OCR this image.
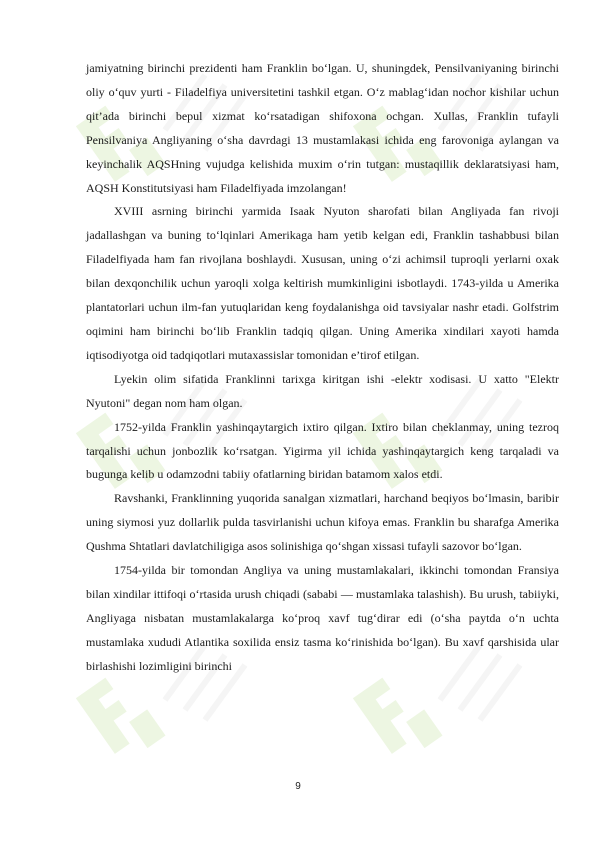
jamiyatning birinchi prezidenti ham Franklin bo‘lgan. U, shuningdek, Pensilvaniyaning birinchi oliy o‘quv yurti - Filadelfiya universitetini tashkil etgan. O‘z mablag‘idan nochor kishilar uchun qit’ada birinchi bepul xizmat ko‘rsatadigan shifoxona ochgan. Xullas, Franklin tufayli Pensilvaniya Angliyaning o‘sha davrdagi 13 mustamlakasi ichida eng farovoniga aylangan va keyinchalik AQSHning vujudga kelishida muxim o‘rin tutgan: mustaqillik deklaratsiyasi ham, AQSH Konstitutsiyasi ham Filadelfiyada imzolangan!

XVIII asrning birinchi yarmida Isaak Nyuton sharofati bilan Angliyada fan rivoji jadallashgan va buning to‘lqinlari Amerikaga ham yetib kelgan edi, Franklin tashabbusi bilan Filadelfiyada ham fan rivojlana boshlaydi. Xususan, uning o‘zi achimsil tuproqli yerlarni oxak bilan dexqonchilik uchun yaroqli xolga keltirish mumkinligini isbotlaydi. 1743-yilda u Amerika plantatorlari uchun ilm-fan yutuqlaridan keng foydalanishga oid tavsiyalar nashr etadi. Golfstrim oqimini ham birinchi bo‘lib Franklin tadqiq qilgan. Uning Amerika xindilari xayoti hamda iqtisodiyotga oid tadqiqotlari mutaxassislar tomonidan e’tirof etilgan.

Lyekin olim sifatida Franklinni tarixga kiritgan ishi -elektr xodisasi. U xatto "Elektr Nyutoni" degan nom ham olgan.

1752-yilda Franklin yashinqaytargich ixtiro qilgan. Ixtiro bilan cheklanmay, uning tezroq tarqalishi uchun jonbozlik ko‘rsatgan. Yigirma yil ichida yashinqaytargich keng tarqaladi va bugunga kelib u odamzodni tabiiy ofatlarning biridan batamom xalos etdi.

Ravshanki, Franklinning yuqorida sanalgan xizmatlari, harchand beqiyos bo‘lmasin, baribir uning siymosi yuz dollarlik pulda tasvirlanishi uchun kifoya emas. Franklin bu sharafga Amerika Qushma Shtatlari davlatchiligiga asos solinishiga qo‘shgan xissasi tufayli sazovor bo‘lgan.

1754-yilda bir tomondan Angliya va uning mustamlakalari, ikkinchi tomondan Fransiya bilan xindilar ittifoqi o‘rtasida urush chiqadi (sababi — mustamlaka talashish). Bu urush, tabiiyki, Angliyaga nisbatan mustamlakalarga ko‘proq xavf tug‘dirar edi (o‘sha paytda o‘n uchta mustamlaka xududi Atlantika soxilida ensiz tasma ko‘rinishida bo‘lgan). Bu xavf qarshisida ular birlashishi lozimligini birinchi

9
